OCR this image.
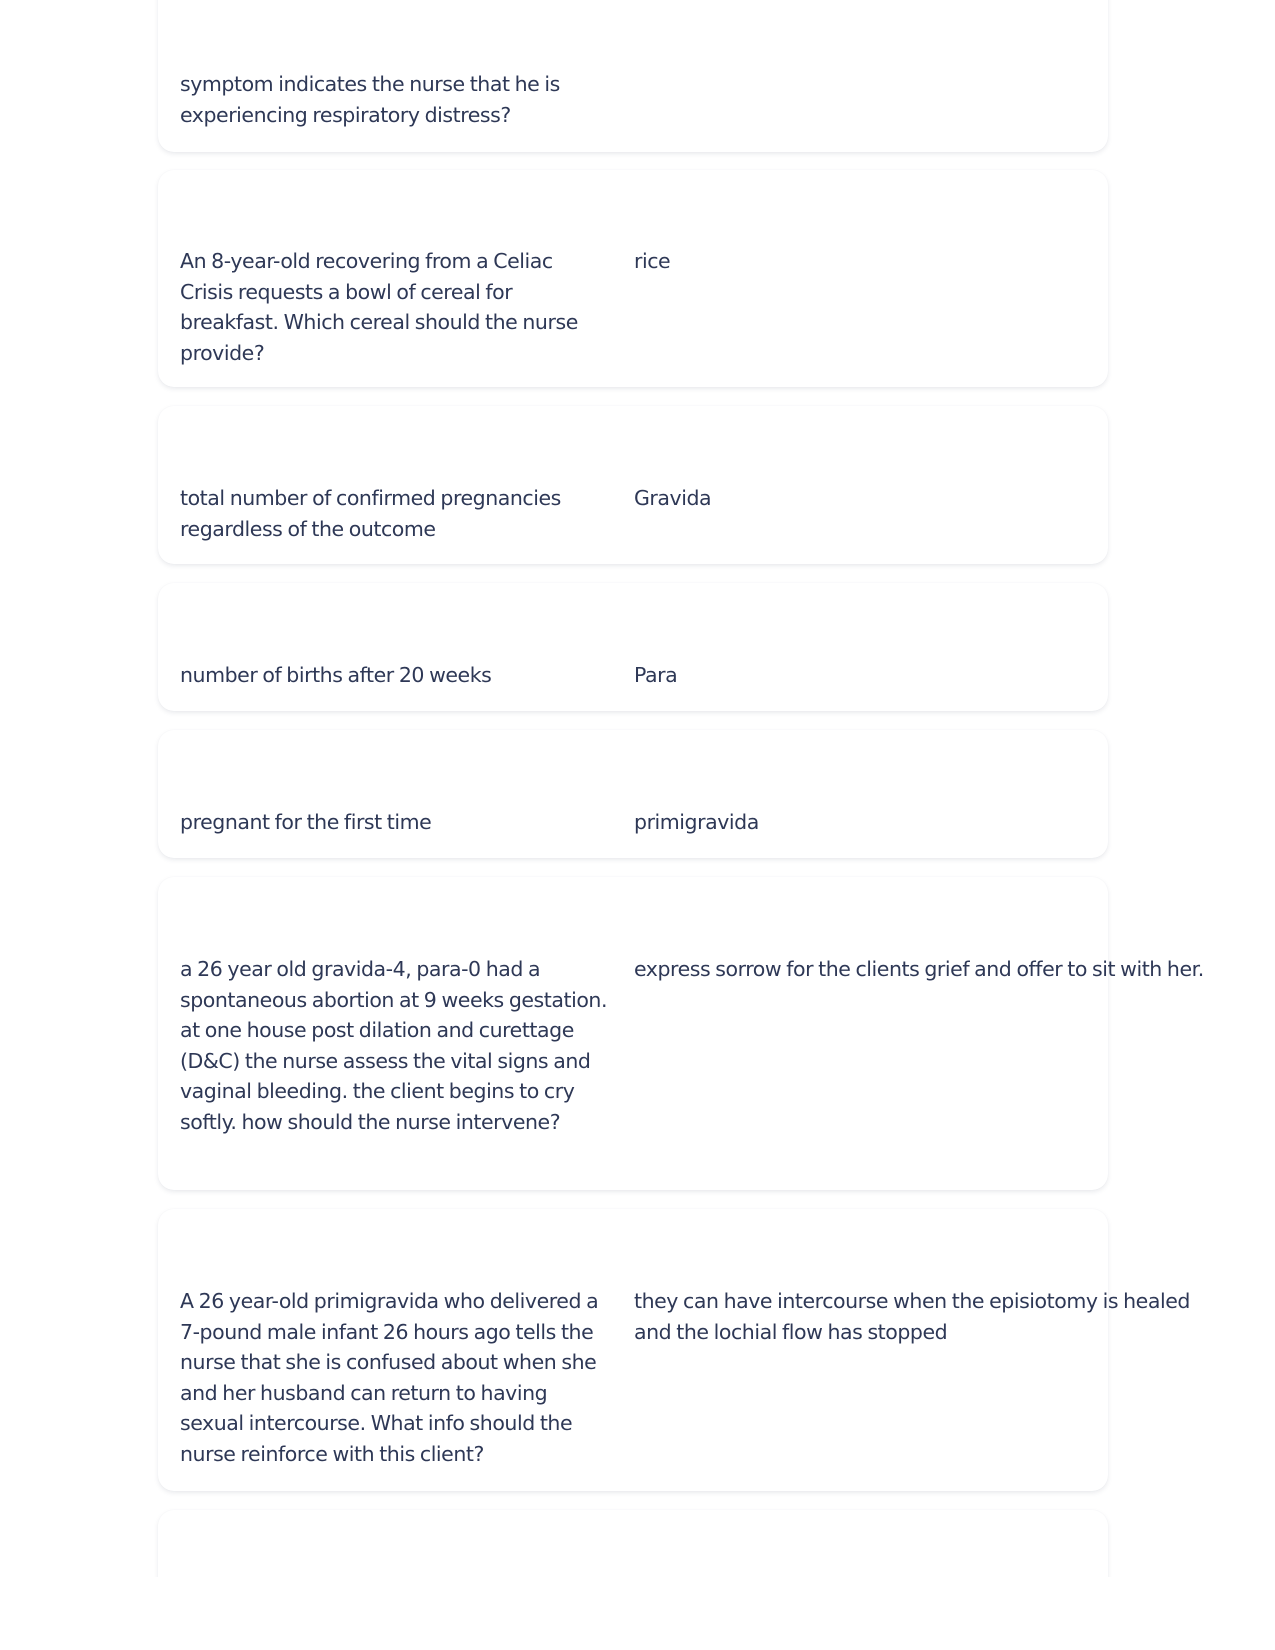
symptom indicates the nurse that he is experiencing respiratory distress?
An 8-year-old recovering from a Celiac Crisis requests a bowl of cereal for breakfast. Which cereal should the nurse provide?
rice
total number of confirmed pregnancies regardless of the outcome
Gravida
number of births after 20 weeks	Para
pregnant for the first time	primigravida
a 26 year old gravida-4, para-0 had a spontaneous abortion at 9 weeks gestation. at one house post dilation and curettage (D&C) the nurse assess the vital signs and vaginal bleeding. the client begins to cry softly. how should the nurse intervene?
express sorrow for the clients grief and offer to sit with her.
A 26 year-old primigravida who delivered a 7-pound male infant 26 hours ago tells the nurse that she is confused about when she and her husband can return to having sexual intercourse. What info should the nurse reinforce with this client?
they can have intercourse when the episiotomy is healed and the lochial flow has stopped
